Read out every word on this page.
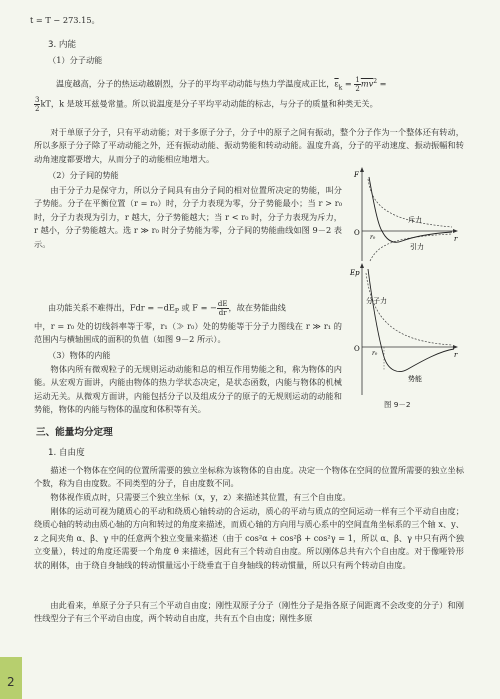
t = T − 273.15。
3. 内能
（1）分子动能
温度越高，分子的热运动越剧烈，分子的平均平动动能与热力学温度成正比，$\overline{\varepsilon}_k = \frac{1}{2} \overline{mv}^2$ =
$\frac{3}{2}$ kT，k 是玻耳兹曼常量。所以说温度是分子平均平动动能的标志，与分子的质量和种类无关。
对于单原子分子，只有平动动能；对于多原子分子，分子中的原子之间有振动，整个分子作为一个整体还有转动，所以多原子分子除了平动动能之外，还有振动动能、振动势能和转动动能。温度升高，分子的平动速度、振动振幅和转动角速度都要增大，从而分子的动能相应地增大。
（2）分子间的势能
由于分子力是保守力，所以分子间具有由分子间的相对位置所决定的势能，叫分子势能。分子在平衡位置（r = r₀）时，分子力表现为零，分子势能最小；当 r > r₀ 时，分子力表现为引力，r 越大，分子势能越大；当 r < r₀ 时，分子力表现为斥力，r 越小，分子势能越大。选 r ≫ r₀ 时分子势能为零，分子间的势能曲线如图 9－2 表示。
由功能关系不难得出，Fdr = $-dE_P$ 或 F = − $\frac{dE}{dr}$ ，故在势能曲线
中，r = r₀ 处的切线斜率等于零，r₁（≫ r₀）处的势能等于分子力图线在 r ≫ r₁ 的范围内与横轴围成的面积的负值（如图 9－2 所示）。
（3）物体的内能
物体内所有微观粒子的无规则运动动能和总的相互作用势能之和，称为物体的内能。从宏观方面讲，内能由物体的热力学状态决定，是状态函数，内能与物体的机械运动无关。从微观方面讲，内能包括分子以及组成分子的原子的无规则运动的动能和势能，物体的内能与物体的温度和体积等有关。
三、能量均分定理
1. 自由度
描述一个物体在空间的位置所需要的独立坐标称为该物体的自由度。决定一个物体在空间的位置所需要的独立坐标个数，称为自由度数。不同类型的分子，自由度数不同。
物体视作质点时，只需要三个独立坐标（x，y，z）来描述其位置，有三个自由度。
刚体的运动可视为随质心的平动和绕质心轴转动的合运动，质心的平动与质点的空间运动一样有三个平动自由度；绕质心轴的转动由质心轴的方向和转过的角度来描述，而质心轴的方向用与质心系中的空间直角坐标系的三个轴 x、y、z 之间夹角 α、β、γ 中的任意两个独立变量来描述（由于 cos²α + cos²β + cos²γ = 1，所以 α、β、γ 中只有两个独立变量），转过的角度还需要一个角度 θ 来描述，因此有三个转动自由度。所以刚体总共有六个自由度。对于像哑铃形状的刚体，由于绕自身轴线的转动惯量远小于绕垂直于自身轴线的转动惯量，所以只有两个转动自由度。
由此看来，单原子分子只有三个平动自由度；刚性双原子分子（刚性分子是指各原子间距离不会改变的分子）和刚性线型分子有三个平动自由度，两个转动自由度，共有五个自由度；刚性多原
F
r
O
r₀
斥力
引力
Ep
r
O
r₀
分子力
势能
图 9－2
2
